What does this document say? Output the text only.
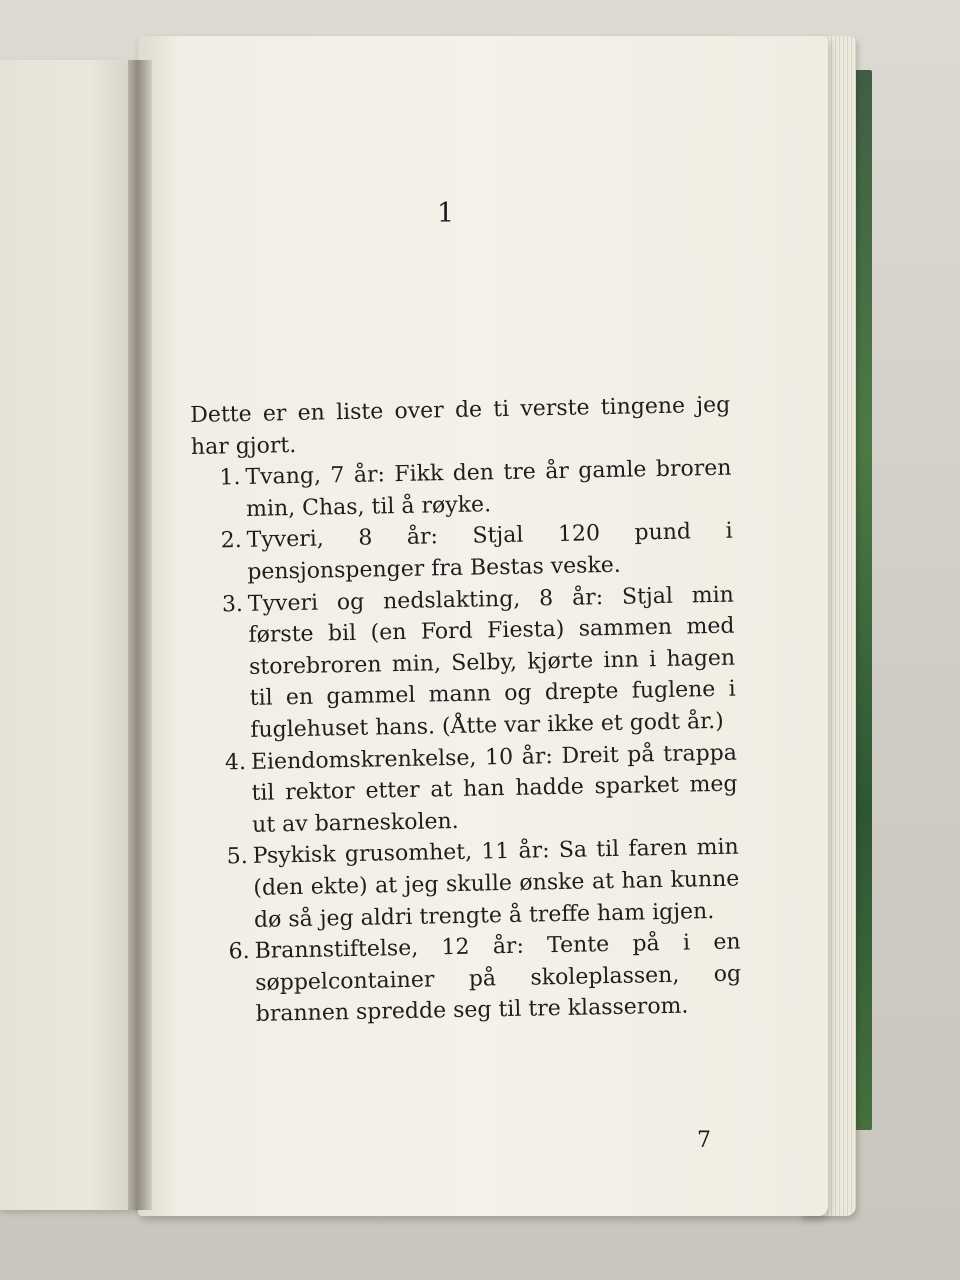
1

Dette er en liste over de ti verste tingene jeg har gjort.

1. Tvang, 7 år: Fikk den tre år gamle broren min, Chas, til å røyke.
2. Tyveri, 8 år: Stjal 120 pund i pensjonspenger fra Bestas veske.
3. Tyveri og nedslakting, 8 år: Stjal min første bil (en Ford Fiesta) sammen med storebroren min, Selby, kjørte inn i hagen til en gammel mann og drepte fuglene i fuglehuset hans. (Åtte var ikke et godt år.)
4. Eiendomskrenkelse, 10 år: Dreit på trappa til rektor etter at han hadde sparket meg ut av barneskolen.
5. Psykisk grusomhet, 11 år: Sa til faren min (den ekte) at jeg skulle ønske at han kunne dø så jeg aldri trengte å treffe ham igjen.
6. Brannstiftelse, 12 år: Tente på i en søppelcontainer på skoleplassen, og brannen spredde seg til tre klasserom.
7
